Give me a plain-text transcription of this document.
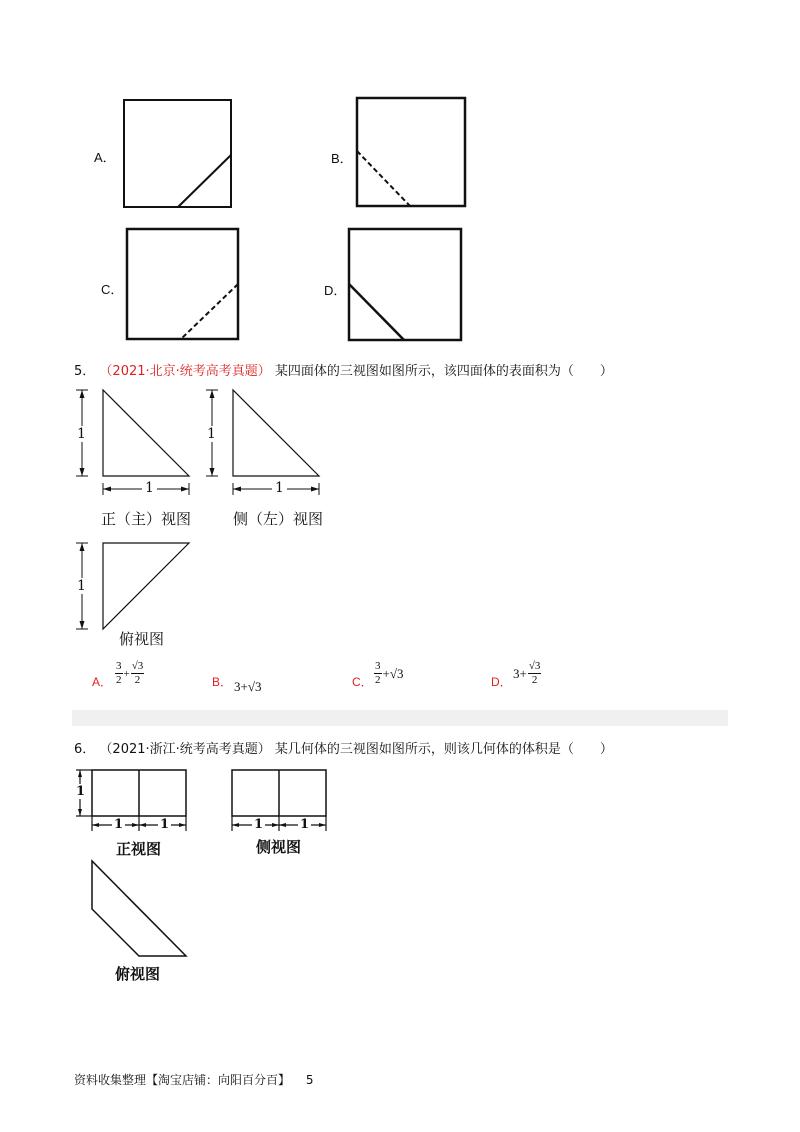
A．	B．
C．	D．
5． （2021·北京·统考高考真题） 某四面体的三视图如图所示，该四面体的表面积为（　　）
1
1
正（主）视图
1
1
侧（左）视图
1
俯视图
A． $\frac{3}{2} + \frac{√3}{2}$	B． 3+√3	C． $\frac{3}{2} +√3$
D．
$3+ \frac{√3}{2}$
6． （2021·浙江·统考高考真题） 某几何体的三视图如图所示，则该几何体的体积是（　　）
1
1	1
正视图
1	1
侧视图
俯视图
资料收集整理【淘宝店铺：向阳百分百】 5
